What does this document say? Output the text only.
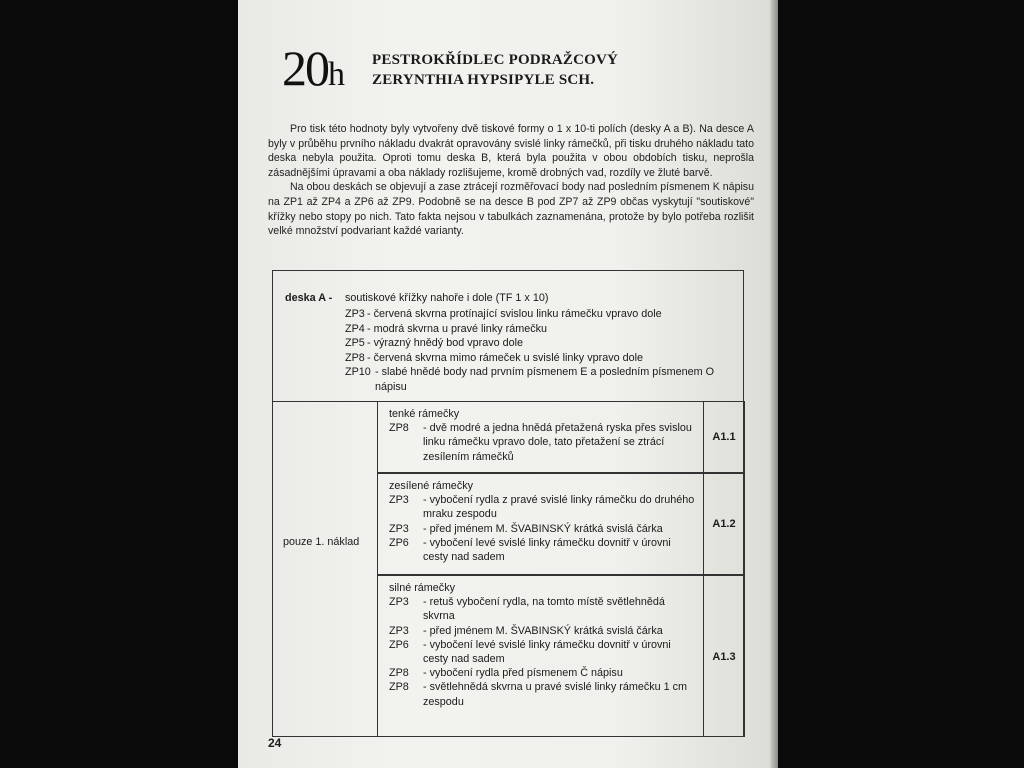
20h PESTROKŘÍDLEC PODRAŽCOVÝ
ZERYNTHIA HYPSIPYLE SCH.

Pro tisk této hodnoty byly vytvořeny dvě tiskové formy o 1 x 10-ti polích (desky A a B). Na desce A byly v průběhu prvního nákladu dvakrát opravovány svislé linky rámečků, při tisku druhého nákladu tato deska nebyla použita. Oproti tomu deska B, která byla použita v obou obdobích tisku, neprošla zásadnějšími úpravami a oba náklady rozlišujeme, kromě drobných vad, rozdíly ve žluté barvě.

Na obou deskách se objevují a zase ztrácejí rozměřovací body nad posledním písmenem K nápisu na ZP1 až ZP4 a ZP6 až ZP9. Podobně se na desce B pod ZP7 až ZP9 občas vyskytují "soutiskové" křížky nebo stopy po nich. Tato fakta nejsou v tabulkách zaznamenána, protože by bylo potřeba rozlišit velké množství podvariant každé varianty.

deska A - soutiskové křížky nahoře i dole (TF 1 x 10)
ZP3 - červená skvrna protínající svislou linku rámečku vpravo dole
ZP4 - modrá skvrna u pravé linky rámečku
ZP5 - výrazný hnědý bod vpravo dole
ZP8 - červená skvrna mimo rámeček u svislé linky vpravo dole
ZP10 - slabé hnědé body nad prvním písmenem E a posledním písmenem O nápisu
pouze 1. náklad
tenké rámečky
ZP8	- dvě modré a jedna hnědá přetažená ryska přes svislou linku rámečku vpravo dole, tato přetažení se ztrácí zesílením rámečků
A1.1
zesílené rámečky
ZP3	- vybočení rydla z pravé svislé linky rámečku do druhého mraku zespodu
ZP3	- před jménem M. ŠVABINSKÝ krátká svislá čárka
ZP6	- vybočení levé svislé linky rámečku dovnitř v úrovni cesty nad sadem
A1.2
silné rámečky
ZP3	- retuš vybočení rydla, na tomto místě světlehnědá skvrna
ZP3	- před jménem M. ŠVABINSKÝ krátká svislá čárka
ZP6	- vybočení levé svislé linky rámečku dovnitř v úrovni cesty nad sadem
ZP8	- vybočení rydla před písmenem Č nápisu
ZP8	- světlehnědá skvrna u pravé svislé linky rámečku 1 cm zespodu
A1.3
24
